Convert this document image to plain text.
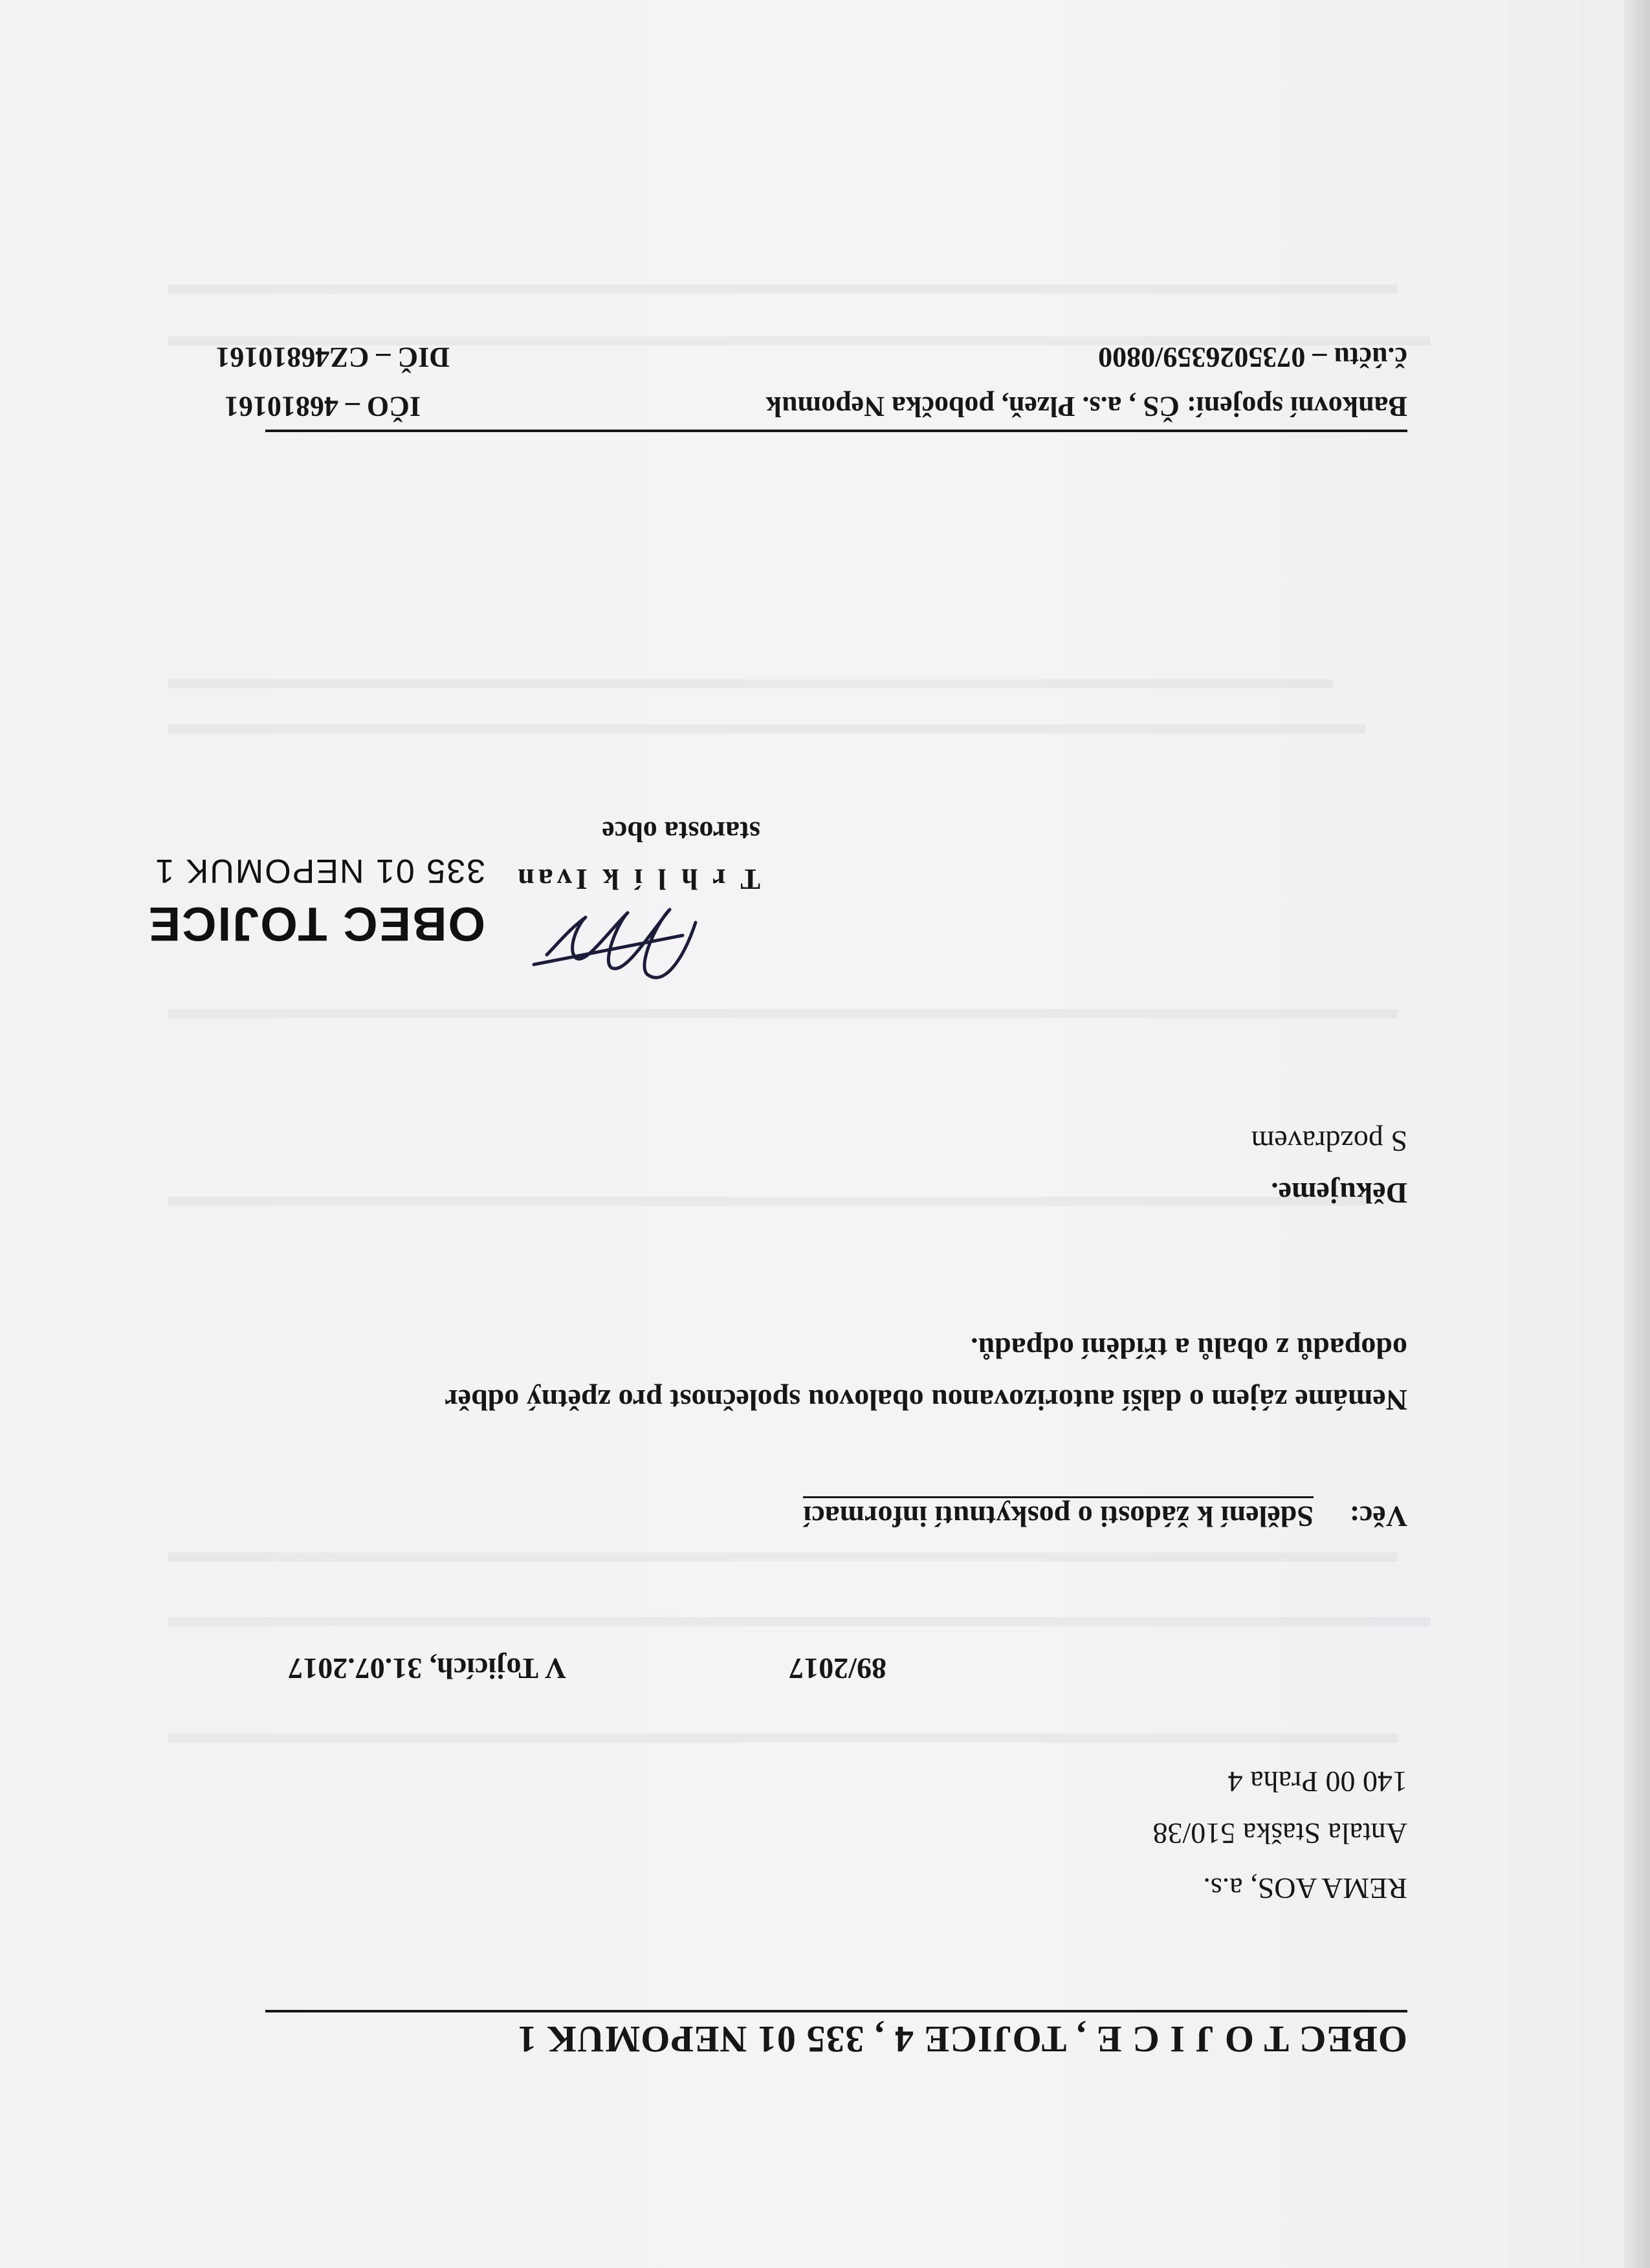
OBEC T O J I C E , TOJICE 4 , 335 01 NEPOMUK 1
REMA AOS, a.s.
Antala Staška 510/38
140 00 Praha 4
89/2017
V Tojicích, 31.07.2017
Věc:
Sdělení k žádosti o poskytnutí informací
Nemáme zájem o další autorizovanou obalovou společnost pro zpětný odběr
odopadů z obalů a třídění odpadů.
Děkujeme.
S pozdravem
OBEC TOJICE
335 01 NEPOMUK 1 T r h l í k Ivan
starosta obce
Bankovní spojení: ČS , a.s. Plzeň, pobočka Nepomuk
č.účtu – 0735026359/0800
IČO – 46810161
DIČ – CZ46810161
